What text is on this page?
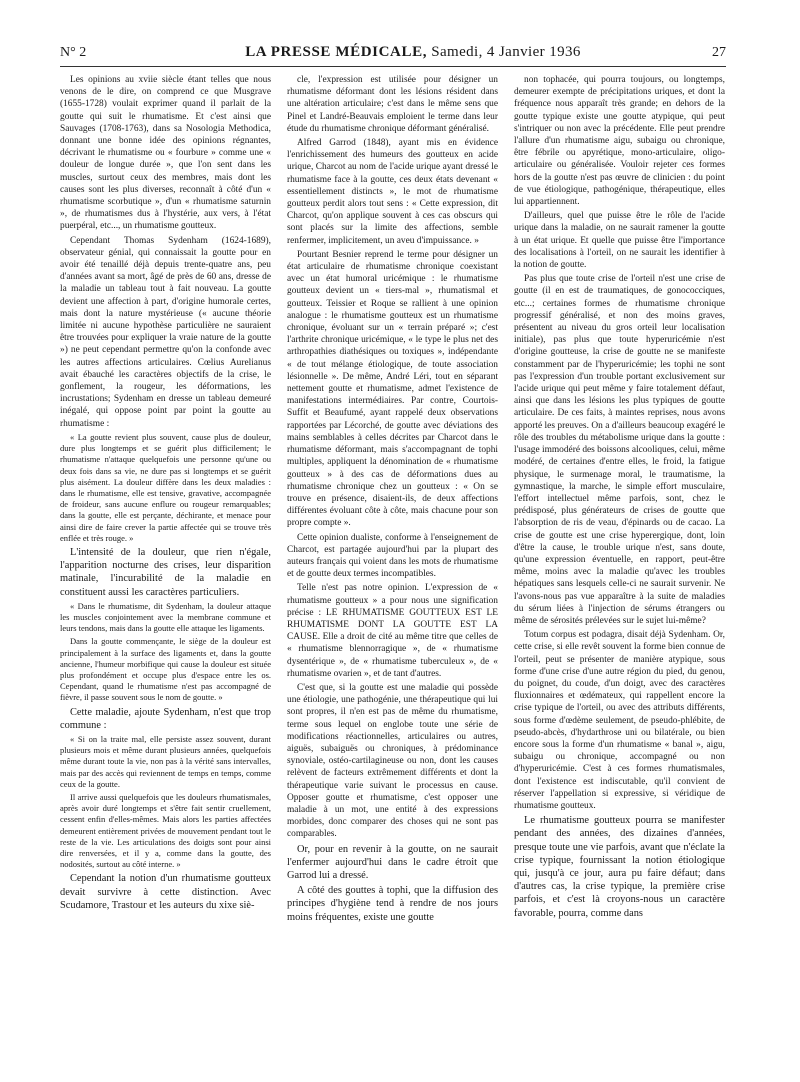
N° 2	LA PRESSE MÉDICALE, Samedi, 4 Janvier 1936	27

Les opinions au xviie siècle étant telles que nous venons de le dire, on comprend ce que Musgrave (1655-1728) voulait exprimer quand il parlait de la goutte qui suit le rhumatisme. Et c'est ainsi que Sauvages (1708-1763), dans sa Nosologia Methodica, donnant une bonne idée des opinions régnantes, décrivant le rhumatisme ou « fourbure » comme une « douleur de longue durée », que l'on sent dans les muscles, surtout ceux des membres, mais dont les causes sont les plus diverses, reconnaît à côté d'un « rhumatisme scorbutique », d'un « rhumatisme saturnin », de rhumatismes dus à l'hystérie, aux vers, à l'état puerpéral, etc..., un rhumatisme goutteux.

Cependant Thomas Sydenham (1624-1689), observateur génial, qui connaissait la goutte pour en avoir été tenaillé déjà depuis trente-quatre ans, peu d'années avant sa mort, âgé de près de 60 ans, dresse de la maladie un tableau tout à fait nouveau. La goutte devient une affection à part, d'origine humorale certes, mais dont la nature mystérieuse (« aucune théorie limitée ni aucune hypothèse particulière ne sauraient être trouvées pour expliquer la vraie nature de la goutte ») ne peut cependant permettre qu'on la confonde avec les autres affections articulaires. Cœlius Aurelianus avait ébauché les caractères objectifs de la crise, le gonflement, la rougeur, les déformations, les incrustations; Sydenham en dresse un tableau demeuré inégalé, qui oppose point par point la goutte au rhumatisme :

« La goutte revient plus souvent, cause plus de douleur, dure plus longtemps et se guérit plus difficilement; le rhumatisme n'attaque quelquefois une personne qu'une ou deux fois dans sa vie, ne dure pas si longtemps et se guérit plus aisément. La douleur diffère dans les deux maladies : dans le rhumatisme, elle est tensive, gravative, accompagnée de froideur, sans aucune enflure ou rougeur remarquables; dans la goutte, elle est perçante, déchirante, et menace pour ainsi dire de faire crever la partie affectée qui se trouve très enflée et très rouge. »

L'intensité de la douleur, que rien n'égale, l'apparition nocturne des crises, leur disparition matinale, l'incurabilité de la maladie en constituent aussi les caractères particuliers.

« Dans le rhumatisme, dit Sydenham, la douleur attaque les muscles conjointement avec la membrane commune et leurs tendons, mais dans la goutte elle attaque les ligaments.

Dans la goutte commençante, le siège de la douleur est principalement à la surface des ligaments et, dans la goutte ancienne, l'humeur morbifique qui cause la douleur est située plus profondément et occupe plus d'espace entre les os. Cependant, quand le rhumatisme n'est pas accompagné de fièvre, il passe souvent sous le nom de goutte. »

Cette maladie, ajoute Sydenham, n'est que trop commune :

« Si on la traite mal, elle persiste assez souvent, durant plusieurs mois et même durant plusieurs années, quelquefois même durant toute la vie, non pas à la vérité sans intervalles, mais par des accès qui reviennent de temps en temps, comme ceux de la goutte.

Il arrive aussi quelquefois que les douleurs rhumatismales, après avoir duré longtemps et s'être fait sentir cruellement, cessent enfin d'elles-mêmes. Mais alors les parties affectées demeurent entièrement privées de mouvement pendant tout le reste de la vie. Les articulations des doigts sont pour ainsi dire renversées, et il y a, comme dans la goutte, des nodosités, surtout au côté interne. »

Cependant la notion d'un rhumatisme goutteux devait survivre à cette distinction. Avec Scudamore, Trastour et les auteurs du xixe siè-

cle, l'expression est utilisée pour désigner un rhumatisme déformant dont les lésions résident dans une altération articulaire; c'est dans le même sens que Pinel et Landré-Beauvais emploient le terme dans leur étude du rhumatisme chronique déformant généralisé.

Alfred Garrod (1848), ayant mis en évidence l'enrichissement des humeurs des goutteux en acide urique, Charcot au nom de l'acide urique ayant dressé le rhumatisme face à la goutte, ces deux états devenant « essentiellement distincts », le mot de rhumatisme goutteux perdit alors tout sens : « Cette expression, dit Charcot, qu'on applique souvent à ces cas obscurs qui sont placés sur la limite des affections, semble renfermer, implicitement, un aveu d'impuissance. »

Pourtant Besnier reprend le terme pour désigner un état articulaire de rhumatisme chronique coexistant avec un état humoral uricémique : le rhumatisme goutteux devient un « tiers-mal », rhumatismal et goutteux. Teissier et Roque se rallient à une opinion analogue : le rhumatisme goutteux est un rhumatisme chronique, évoluant sur un « terrain préparé »; c'est l'arthrite chronique uricémique, « le type le plus net des arthropathies diathésiques ou toxiques », indépendante « de tout mélange étiologique, de toute association lésionnelle ». De même, André Léri, tout en séparant nettement goutte et rhumatisme, admet l'existence de manifestations intermédiaires. Par contre, Courtois-Suffit et Beaufumé, ayant rappelé deux observations rapportées par Lécorché, de goutte avec déviations des mains semblables à celles décrites par Charcot dans le rhumatisme déformant, mais s'accompagnant de tophi multiples, appliquent la dénomination de « rhumatisme goutteux » à des cas de déformations dues au rhumatisme chronique chez un goutteux : « On se trouve en présence, disaient-ils, de deux affections différentes évoluant côte à côte, mais chacune pour son propre compte ».

Cette opinion dualiste, conforme à l'enseignement de Charcot, est partagée aujourd'hui par la plupart des auteurs français qui voient dans les mots de rhumatisme et de goutte deux termes incompatibles.

Telle n'est pas notre opinion. L'expression de « rhumatisme goutteux » a pour nous une signification précise : LE RHUMATISME GOUTTEUX EST LE RHUMATISME DONT LA GOUTTE EST LA CAUSE. Elle a droit de cité au même titre que celles de « rhumatisme blennorragique », de « rhumatisme dysentérique », de « rhumatisme tuberculeux », de « rhumatisme ovarien », et de tant d'autres.

C'est que, si la goutte est une maladie qui possède une étiologie, une pathogénie, une thérapeutique qui lui sont propres, il n'en est pas de même du rhumatisme, terme sous lequel on englobe toute une série de modifications réactionnelles, articulaires ou autres, aiguës, subaiguës ou chroniques, à prédominance synoviale, ostéo-cartilagineuse ou non, dont les causes relèvent de facteurs extrêmement différents et dont la thérapeutique varie suivant le processus en cause. Opposer goutte et rhumatisme, c'est opposer une maladie à un mot, une entité à des expressions morbides, donc comparer des choses qui ne sont pas comparables.

Or, pour en revenir à la goutte, on ne saurait l'enfermer aujourd'hui dans le cadre étroit que Garrod lui a dressé.

A côté des gouttes à tophi, que la diffusion des principes d'hygiène tend à rendre de nos jours moins fréquentes, existe une goutte

non tophacée, qui pourra toujours, ou longtemps, demeurer exempte de précipitations uriques, et dont la fréquence nous apparaît très grande; en dehors de la goutte typique existe une goutte atypique, qui peut s'intriquer ou non avec la précédente. Elle peut prendre l'allure d'un rhumatisme aigu, subaigu ou chronique, être fébrile ou apyrétique, mono-articulaire, oligo-articulaire ou généralisée. Vouloir rejeter ces formes hors de la goutte n'est pas œuvre de clinicien : du point de vue étiologique, pathogénique, thérapeutique, elles lui appartiennent.

D'ailleurs, quel que puisse être le rôle de l'acide urique dans la maladie, on ne saurait ramener la goutte à un état urique. Et quelle que puisse être l'importance des localisations à l'orteil, on ne saurait les identifier à la notion de goutte.

Pas plus que toute crise de l'orteil n'est une crise de goutte (il en est de traumatiques, de gonococciques, etc...; certaines formes de rhumatisme chronique progressif généralisé, et non des moins graves, présentent au niveau du gros orteil leur localisation initiale), pas plus que toute hyperuricémie n'est d'origine goutteuse, la crise de goutte ne se manifeste constamment par de l'hyperuricémie; les tophi ne sont pas l'expression d'un trouble portant exclusivement sur l'acide urique qui peut même y faire totalement défaut, ainsi que dans les lésions les plus typiques de goutte articulaire. De ces faits, à maintes reprises, nous avons apporté les preuves. On a d'ailleurs beaucoup exagéré le rôle des troubles du métabolisme urique dans la goutte : l'usage immodéré des boissons alcooliques, celui, même modéré, de certaines d'entre elles, le froid, la fatigue physique, le surmenage moral, le traumatisme, la gymnastique, la marche, le simple effort musculaire, l'effort intellectuel même parfois, sont, chez le prédisposé, plus générateurs de crises de goutte que l'absorption de ris de veau, d'épinards ou de cacao. La crise de goutte est une crise hyperergique, dont, loin d'être la cause, le trouble urique n'est, sans doute, qu'une expression éventuelle, en rapport, peut-être même, moins avec la maladie qu'avec les troubles hépatiques sans lesquels celle-ci ne saurait survenir. Ne l'avons-nous pas vue apparaître à la suite de maladies du sérum liées à l'injection de sérums étrangers ou même de sérosités prélevées sur le sujet lui-même?

Totum corpus est podagra, disait déjà Sydenham. Or, cette crise, si elle revêt souvent la forme bien connue de l'orteil, peut se présenter de manière atypique, sous forme d'une crise d'une autre région du pied, du genou, du poignet, du coude, d'un doigt, avec des caractères fluxionnaires et œdémateux, qui rappellent encore la crise typique de l'orteil, ou avec des attributs différents, sous forme d'œdème seulement, de pseudo-phlébite, de pseudo-abcès, d'hydarthrose uni ou bilatérale, ou bien encore sous la forme d'un rhumatisme « banal », aigu, subaigu ou chronique, accompagné ou non d'hyperuricémie. C'est à ces formes rhumatismales, dont l'existence est indiscutable, qu'il convient de réserver l'appellation si expressive, si véridique de rhumatisme goutteux.

Le rhumatisme goutteux pourra se manifester pendant des années, des dizaines d'années, presque toute une vie parfois, avant que n'éclate la crise typique, fournissant la notion étiologique qui, jusqu'à ce jour, aura pu faire défaut; dans d'autres cas, la crise typique, la première crise parfois, et c'est là croyons-nous un caractère favorable, pourra, comme dans
